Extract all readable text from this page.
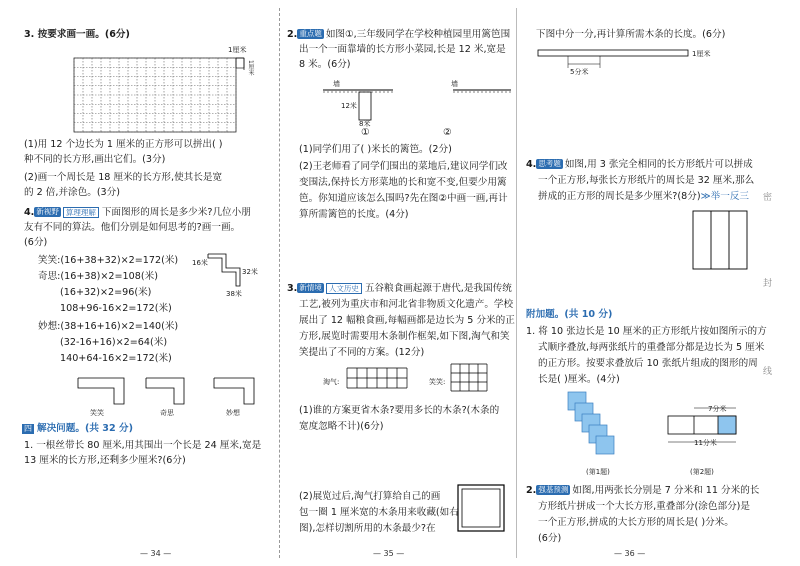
3. 按要求画一画。(6分)
1厘米
1厘米
(1)用 12 个边长为 1 厘米的正方形可以拼出( )
种不同的长方形,画出它们。(3分)
(2)画一个周长是 18 厘米的长方形,使其长是宽
的 2 倍,并涂色。(3分)
4. 新视野 算理理解 下面图形的周长是多少米?几位小朋
友有不同的算法。他们分别是如何思考的?画一画。
(6分)
16米
32米
38米
笑笑:(16+38+32)×2=172(米)
奇思:(16+38)×2=108(米)
(16+32)×2=96(米)
108+96-16×2=172(米)
妙想:(38+16+16)×2=140(米)
(32-16+16)×2=64(米)
140+64-16×2=172(米)
笑笑	奇思	妙想
四 解决问题。(共 32 分)
1. 一根丝带长 80 厘米,用其围出一个长是 24 厘米,宽是
13 厘米的长方形,还剩多少厘米?(6分)
— 34 —
2. 重点题 如图①,三年级同学在学校种植园里用篱笆围
出一个一面靠墙的长方形小菜园,长是 12 米,宽是
8 米。(6分)
墙	墙
12米
8米
①	②
(1)同学们用了( )米长的篱笆。(2分)
(2)王老师看了同学们围出的菜地后,建议同学们改
变围法,保持长方形菜地的长和宽不变,但要少用篱
笆。你知道应该怎么围吗?先在图②中画一画,再计
算所需篱笆的长度。(4分)
3. 新情境 人文历史 五谷粮食画起源于唐代,是我国传统
工艺,被列为重庆市和河北省非物质文化遗产。学校
展出了 12 幅粮食画,每幅画都是边长为 5 分米的正
方形,展览时需要用木条制作框架,如下图,淘气和笑
笑提出了不同的方案。(12分)
淘气:	笑笑:
(1)谁的方案更省木条?要用多长的木条?(木条的
宽度忽略不计)(6分)
(2)展览过后,淘气打算给自己的画
包一圈 1 厘米宽的木条用来收藏(如右
图),怎样切割所用的木条最少?在
— 35 —
下图中分一分,再计算所需木条的长度。(6分)
1厘米
5分米
4. 思考题 如图,用 3 张完全相同的长方形纸片可以拼成
一个正方形,每张长方形纸片的周长是 32 厘米,那么
拼成的正方形的周长是多少厘米?(8分)≫举一反三
附加题。(共 10 分)
1. 将 10 张边长是 10 厘米的正方形纸片按如图所示的方
式顺序叠放,每两张纸片的重叠部分都是边长为 5 厘米
的正方形。按要求叠放后 10 张纸片组成的图形的周
长是( )厘米。(4分)
7分米
11分米
(第1题)	(第2题)
2. 强基预测 如图,用两张长分别是 7 分米和 11 分米的长
方形纸片拼成一个大长方形,重叠部分(涂色部分)是
一个正方形,拼成的大长方形的周长是( )分米。
(6分)
— 36 —
密
封
线
